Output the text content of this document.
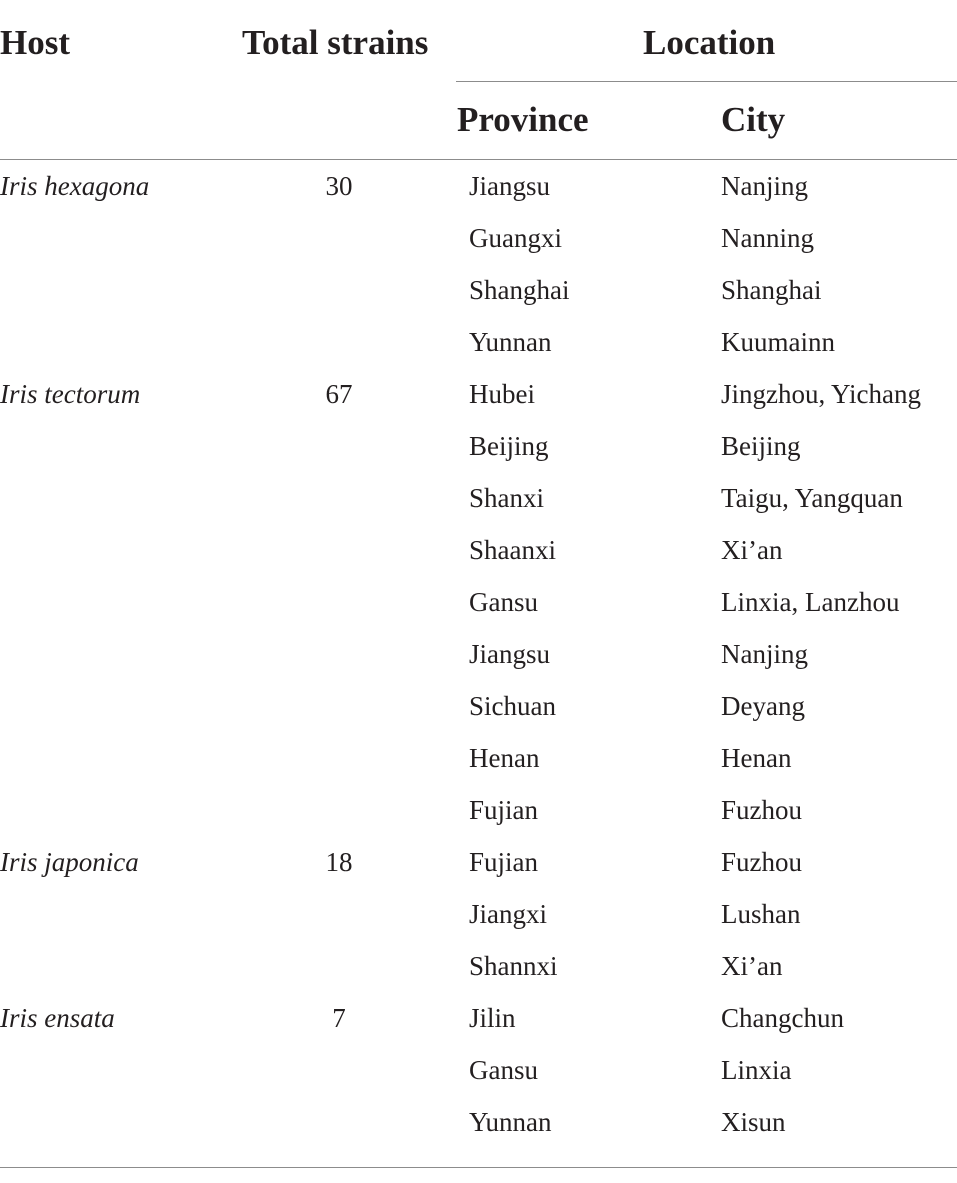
Host	Total strains	Location
Province	City
Iris hexagona	30	Jiangsu	Nanjing
Guangxi	Nanning
Shanghai	Shanghai
Yunnan	Kuumainn
Iris tectorum	67	Hubei	Jingzhou, Yichang
Beijing	Beijing
Shanxi	Taigu, Yangquan
Shaanxi	Xi’an
Gansu	Linxia, Lanzhou
Jiangsu	Nanjing
Sichuan	Deyang
Henan	Henan
Fujian	Fuzhou
Iris japonica	18	Fujian	Fuzhou
Jiangxi	Lushan
Shannxi	Xi’an
Iris ensata	7	Jilin	Changchun
Gansu	Linxia
Yunnan	Xisun
